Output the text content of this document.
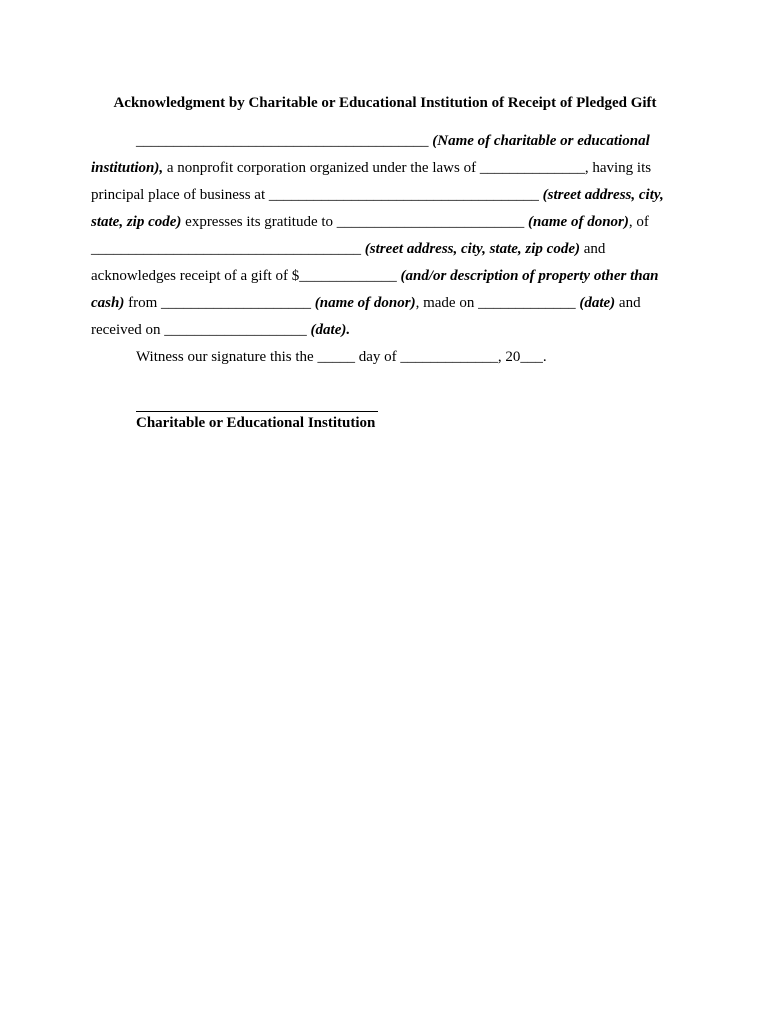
Acknowledgment by Charitable or Educational Institution of Receipt of Pledged Gift
_______________________________________ (Name of charitable or educational
institution), a nonprofit corporation organized under the laws of ______________, having its
principal place of business at ____________________________________ (street address, city,
state, zip code) expresses its gratitude to _________________________ (name of donor), of
____________________________________ (street address, city, state, zip code) and
acknowledges receipt of a gift of $_____________ (and/or description of property other than
cash) from ____________________ (name of donor), made on _____________ (date) and
received on ___________________ (date).
Witness our signature this the _____ day of _____________, 20___.
Charitable or Educational Institution
